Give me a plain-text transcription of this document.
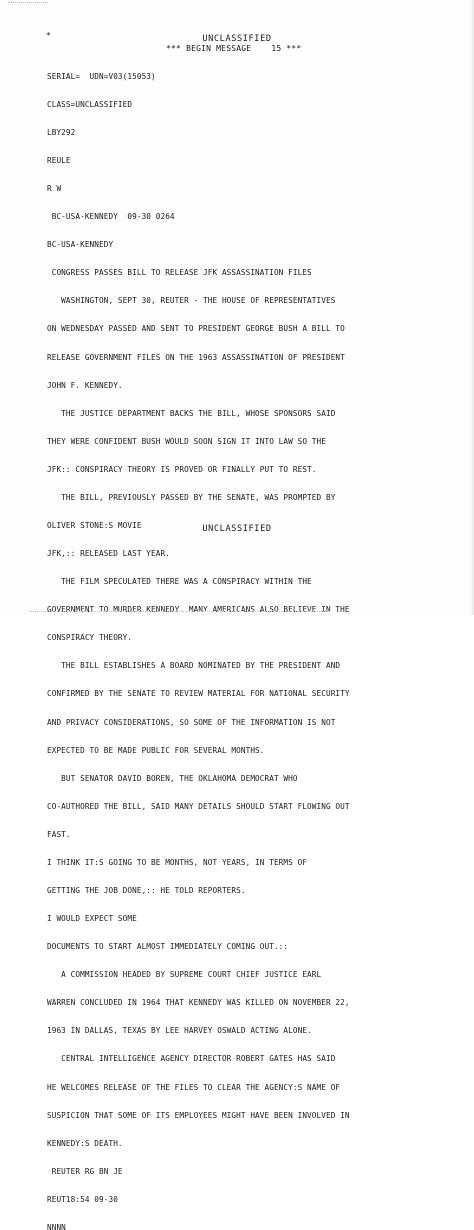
*	UNCLASSIFIED
*** BEGIN MESSAGE    15 ***

SERIAL=  UDN=V03(15053)

CLASS=UNCLASSIFIED

LBY292

REULE

R W

BC-USA-KENNEDY  09-30 0264

BC-USA-KENNEDY

CONGRESS PASSES BILL TO RELEASE JFK ASSASSINATION FILES

WASHINGTON, SEPT 30, REUTER - THE HOUSE OF REPRESENTATIVES

ON WEDNESDAY PASSED AND SENT TO PRESIDENT GEORGE BUSH A BILL TO

RELEASE GOVERNMENT FILES ON THE 1963 ASSASSINATION OF PRESIDENT

JOHN F. KENNEDY.

THE JUSTICE DEPARTMENT BACKS THE BILL, WHOSE SPONSORS SAID

THEY WERE CONFIDENT BUSH WOULD SOON SIGN IT INTO LAW SO THE

JFK:: CONSPIRACY THEORY IS PROVED OR FINALLY PUT TO REST.

THE BILL, PREVIOUSLY PASSED BY THE SENATE, WAS PROMPTED BY

OLIVER STONE:S MOVIE

JFK,:: RELEASED LAST YEAR.

THE FILM SPECULATED THERE WAS A CONSPIRACY WITHIN THE

GOVERNMENT TO MURDER KENNEDY. MANY AMERICANS ALSO BELIEVE IN THE

CONSPIRACY THEORY.

THE BILL ESTABLISHES A BOARD NOMINATED BY THE PRESIDENT AND

CONFIRMED BY THE SENATE TO REVIEW MATERIAL FOR NATIONAL SECURITY

AND PRIVACY CONSIDERATIONS, SO SOME OF THE INFORMATION IS NOT

EXPECTED TO BE MADE PUBLIC FOR SEVERAL MONTHS.

BUT SENATOR DAVID BOREN, THE OKLAHOMA DEMOCRAT WHO

CO-AUTHORED THE BILL, SAID MANY DETAILS SHOULD START FLOWING OUT

FAST.

I THINK IT:S GOING TO BE MONTHS, NOT YEARS, IN TERMS OF

GETTING THE JOB DONE,:: HE TOLD REPORTERS.

I WOULD EXPECT SOME

DOCUMENTS TO START ALMOST IMMEDIATELY COMING OUT.::

A COMMISSION HEADED BY SUPREME COURT CHIEF JUSTICE EARL

WARREN CONCLUDED IN 1964 THAT KENNEDY WAS KILLED ON NOVEMBER 22,

1963 IN DALLAS, TEXAS BY LEE HARVEY OSWALD ACTING ALONE.

CENTRAL INTELLIGENCE AGENCY DIRECTOR ROBERT GATES HAS SAID

HE WELCOMES RELEASE OF THE FILES TO CLEAR THE AGENCY:S NAME OF

SUSPICION THAT SOME OF ITS EMPLOYEES MIGHT HAVE BEEN INVOLVED IN

KENNEDY:S DEATH.

REUTER RG BN JE

REUT18:54 09-30

NNNN

UNCLASSIFIED
